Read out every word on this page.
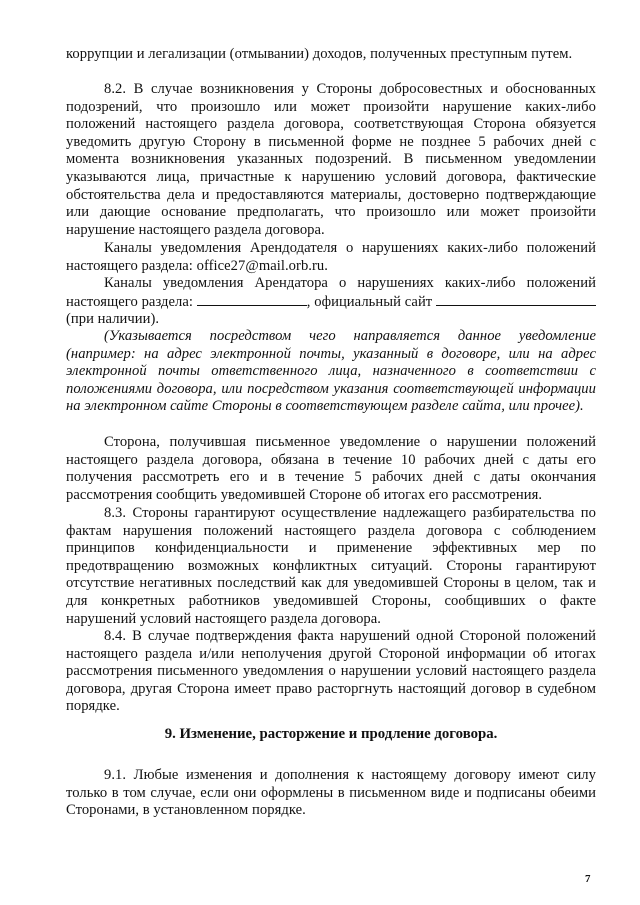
коррупции и легализации (отмывании) доходов, полученных преступным путем.

8.2. В случае возникновения у Стороны добросовестных и обоснованных подозрений, что произошло или может произойти нарушение каких-либо положений настоящего раздела договора, соответствующая Сторона обязуется уведомить другую Сторону в письменной форме не позднее 5 рабочих дней с момента возникновения указанных подозрений. В письменном уведомлении указываются лица, причастные к нарушению условий договора, фактические обстоятельства дела и предоставляются материалы, достоверно подтверждающие или дающие основание предполагать, что произошло или может произойти нарушение настоящего раздела договора.

Каналы уведомления Арендодателя о нарушениях каких-либо положений настоящего раздела: office27@mail.orb.ru.

Каналы уведомления Арендатора о нарушениях каких-либо положений настоящего раздела:	, официальный сайт  (при наличии).

(Указывается посредством чего направляется данное уведомление (например: на адрес электронной почты, указанный в договоре, или на адрес электронной почты ответственного лица, назначенного в соответствии с положениями договора, или посредством указания соответствующей информации на электронном сайте Стороны в соответствующем разделе сайта, или прочее).

Сторона, получившая письменное уведомление о нарушении положений настоящего раздела договора, обязана в течение 10 рабочих дней с даты его получения рассмотреть его и в течение 5 рабочих дней с даты окончания рассмотрения сообщить уведомившей Стороне об итогах его рассмотрения.

8.3. Стороны гарантируют осуществление надлежащего разбирательства по фактам нарушения положений настоящего раздела договора с соблюдением принципов конфиденциальности и применение эффективных мер по предотвращению возможных конфликтных ситуаций. Стороны гарантируют отсутствие негативных последствий как для уведомившей Стороны в целом, так и для конкретных работников уведомившей Стороны, сообщивших о факте нарушений условий настоящего раздела договора.

8.4. В случае подтверждения факта нарушений одной Стороной положений настоящего раздела и/или неполучения другой Стороной информации об итогах рассмотрения письменного уведомления о нарушении условий настоящего раздела договора, другая Сторона имеет право расторгнуть настоящий договор в судебном порядке.

9. Изменение, расторжение и продление договора.

9.1. Любые изменения и дополнения к настоящему договору имеют силу только в том случае, если они оформлены в письменном виде и подписаны обеими Сторонами, в установленном порядке.

7
